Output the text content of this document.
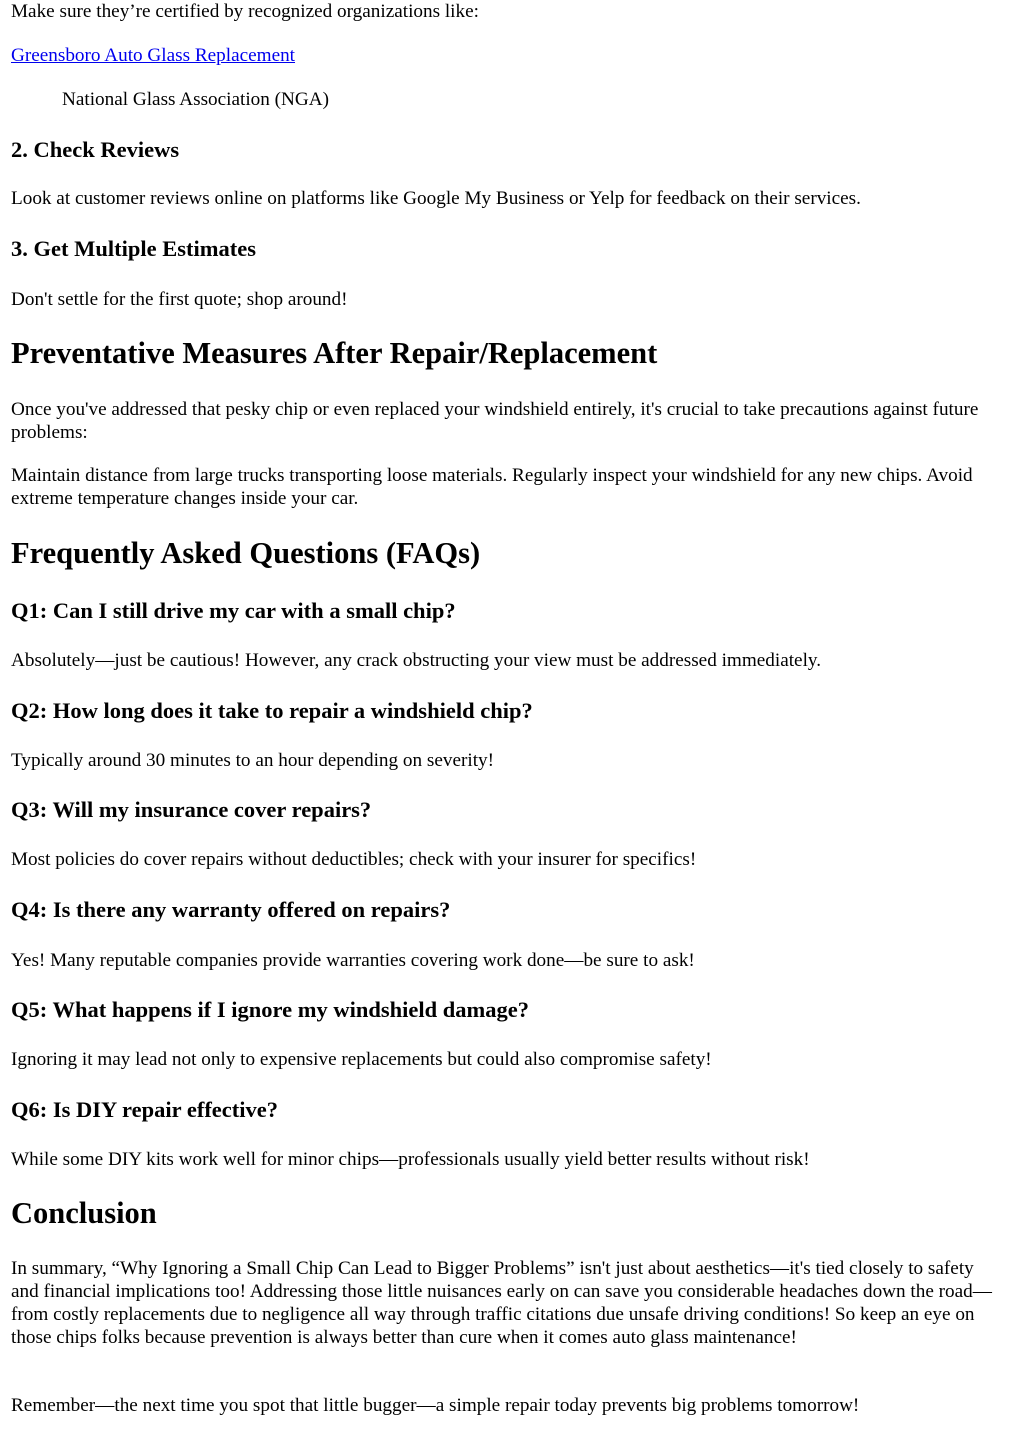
Make sure they’re certified by recognized organizations like:

Greensboro Auto Glass Replacement

National Glass Association (NGA)

2. Check Reviews

Look at customer reviews online on platforms like Google My Business or Yelp for feedback on their services.

3. Get Multiple Estimates

Don't settle for the first quote; shop around!

Preventative Measures After Repair/Replacement

Once you've addressed that pesky chip or even replaced your windshield entirely, it's crucial to take precautions against future problems:

Maintain distance from large trucks transporting loose materials. Regularly inspect your windshield for any new chips. Avoid extreme temperature changes inside your car.

Frequently Asked Questions (FAQs)
Q1: Can I still drive my car with a small chip?

Absolutely—just be cautious! However, any crack obstructing your view must be addressed immediately.

Q2: How long does it take to repair a windshield chip?

Typically around 30 minutes to an hour depending on severity!

Q3: Will my insurance cover repairs?

Most policies do cover repairs without deductibles; check with your insurer for specifics!

Q4: Is there any warranty offered on repairs?

Yes! Many reputable companies provide warranties covering work done—be sure to ask!

Q5: What happens if I ignore my windshield damage?

Ignoring it may lead not only to expensive replacements but could also compromise safety!

Q6: Is DIY repair effective?

While some DIY kits work well for minor chips—professionals usually yield better results without risk!

Conclusion

In summary, “Why Ignoring a Small Chip Can Lead to Bigger Problems” isn't just about aesthetics—it's tied closely to safety and financial implications too! Addressing those little nuisances early on can save you considerable headaches down the road—from costly replacements due to negligence all way through traffic citations due unsafe driving conditions! So keep an eye on those chips folks because prevention is always better than cure when it comes auto glass maintenance!

Remember—the next time you spot that little bugger—a simple repair today prevents big problems tomorrow!
